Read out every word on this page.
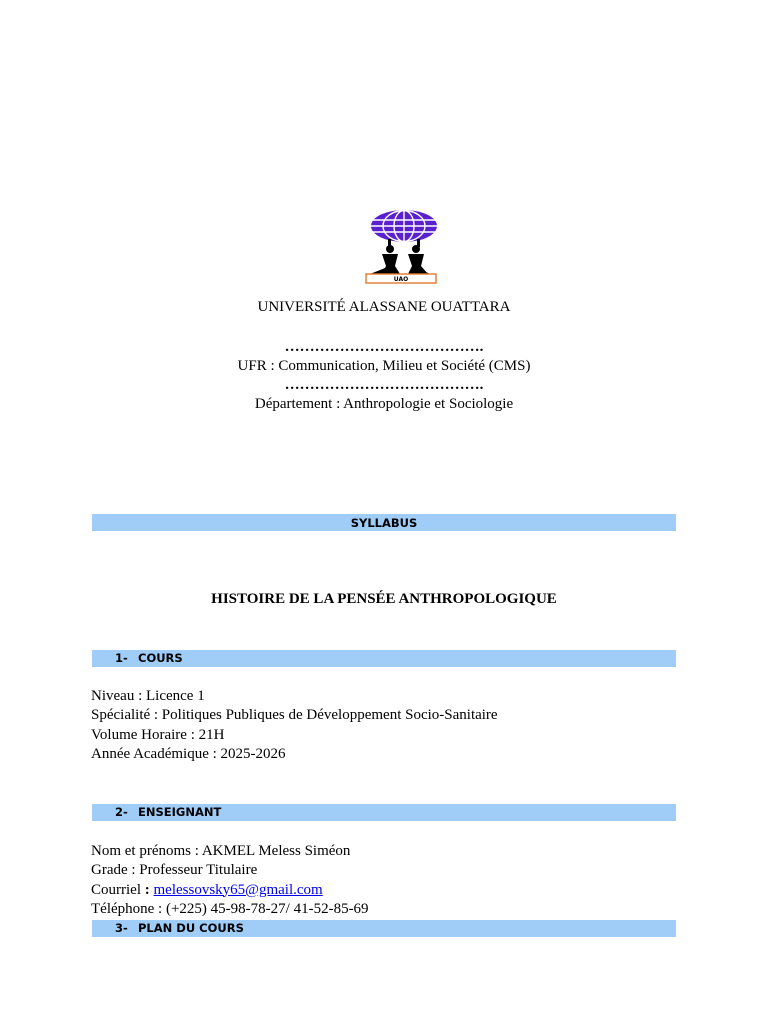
UAO
UNIVERSITÉ ALASSANE OUATTARA
………………………………….
UFR : Communication, Milieu et Société (CMS)
………………………………….
Département : Anthropologie et Sociologie
SYLLABUS
HISTOIRE DE LA PENSÉE ANTHROPOLOGIQUE
1- COURS
Niveau : Licence 1
Spécialité : Politiques Publiques de Développement Socio-Sanitaire
Volume Horaire : 21H
Année Académique : 2025-2026
2- ENSEIGNANT
Nom et prénoms : AKMEL Meless Siméon
Grade : Professeur Titulaire
Courriel : melessovsky65@gmail.com
Téléphone : (+225) 45-98-78-27/ 41-52-85-69
3- PLAN DU COURS
